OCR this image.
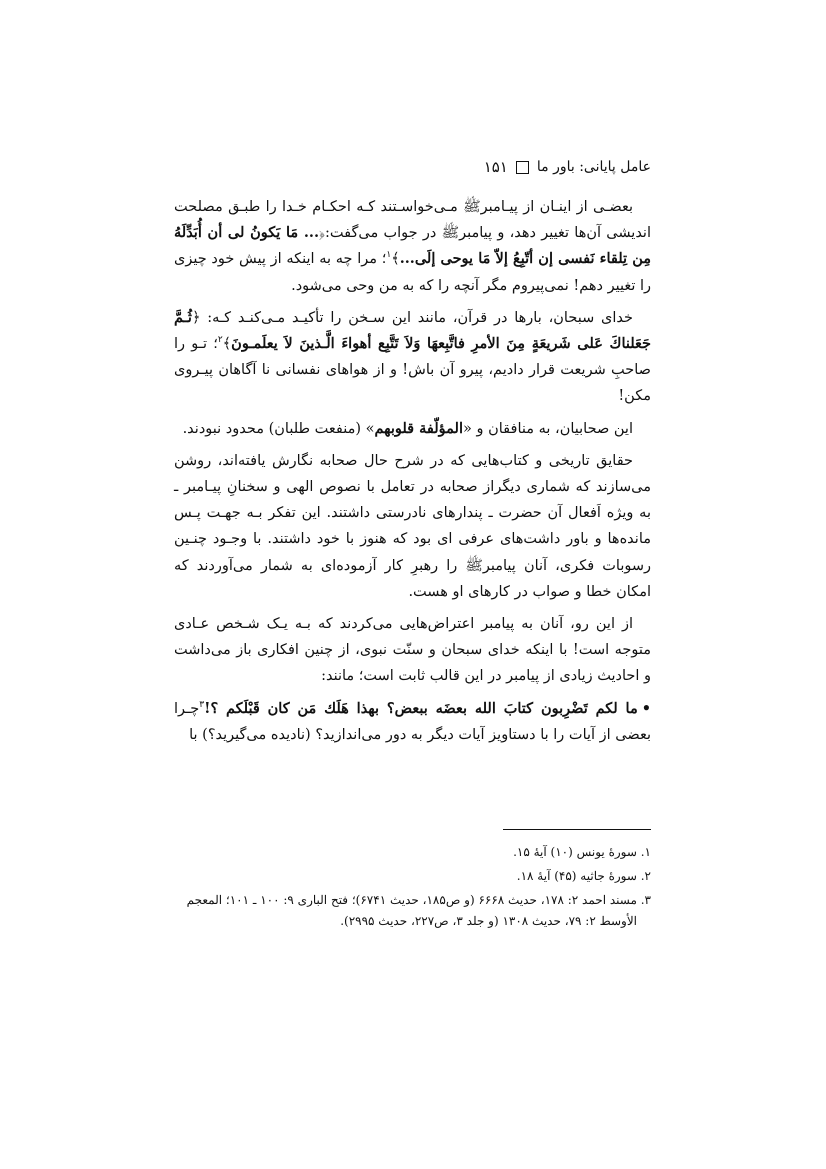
عامل پایانی: باور ما
۱۵۱

بعضـی از اینـان از پیـامبرﷺ مـی‌خواسـتند کـه احکـام خـدا را طبـق مصلحت اندیشی آن‌ها تغییر دهد، و پیامبرﷺ در جواب می‌گفت:﴿... مَا يَكونُ لی أن أُبَدِّلَهُ مِن تِلقاء نَفسی إن أتّبِعُ إلاّ مَا یوحی إلَی...﴾$^۱$؛ مرا چه به اینکه از پیش خود چیزی را تغییر دهم! نمی‌پیروم مگر آنچه را که به من وحی می‌شود.

خدای سبحان، بارها در قرآن، مانند این سـخن را تأکیـد مـی‌کنـد کـه: ﴿ثُـمَّ جَعَلناكَ عَلی شَريعَةٍ مِنَ الأمرِ فاتَّبِعهَا وَلاَ تَتَّبِع أهواءَ الَّـذينَ لاَ يعلَمـونَ﴾$^۲$؛ تـو را صاحبِ شریعت قرار دادیم، پیرو آن باش! و از هواهای نفسانی نا آگاهان پیـروی مکن!

این صحابیان، به منافقان و «المؤلّفة قلوبهم» (منفعت طلبان) محدود نبودند.

حقایق تاریخی و کتاب‌هایی که در شرح حال صحابه نگارش یافته‌اند، روشن می‌سازند که شماری دیگراز صحابه در تعامل با نصوص الهی و سخنانِ پیـامبر ـ به ویژه اَفعال آن حضرت ـ پندارهای نادرستی داشتند. این تفکر بـه جهـت پـس مانده‌ها و باور داشت‌های عرفی ای بود که هنوز با خود داشتند. با وجـود چنـین رسوبات فکری، آنان پیامبرﷺ را رهبرِ کار آزموده‌ای به شمار می‌آوردند که امکان خطا و صواب در کارهای او هست.

از این رو، آنان به پیامبر اعتراض‌هایی می‌کردند که بـه یـک شـخص عـادی متوجه است! با اینکه خدای سبحان و سنّت نبوی، از چنین افکاری باز می‌داشت و احادیث زیادی از پیامبر در این قالب ثابت است؛ مانند:

•ما لكم تَضْرِبون كتابَ الله بعضَه ببعض؟ بهذا هَلَك مَن كان قَبْلَكم ؟!$^۳$چـرا بعضی از آیات را با دستاویز آیات دیگر به دور می‌اندازید؟ (نادیده می‌گیرید؟) با

۱. سورهٔ یونس (۱۰) آیهٔ ۱۵.
۲. سورهٔ جاثیه (۴۵) آیهٔ ۱۸.
۳. مسند احمد ۲: ۱۷۸، حدیث ۶۶۶۸ (و ص۱۸۵، حدیث ۶۷۴۱)؛ فتح الباری ۹: ۱۰۰ ـ ۱۰۱؛ المعجم
الأوسط ۲: ۷۹، حدیث ۱۳۰۸ (و جلد ۳، ص۲۲۷، حدیث ۲۹۹۵).
